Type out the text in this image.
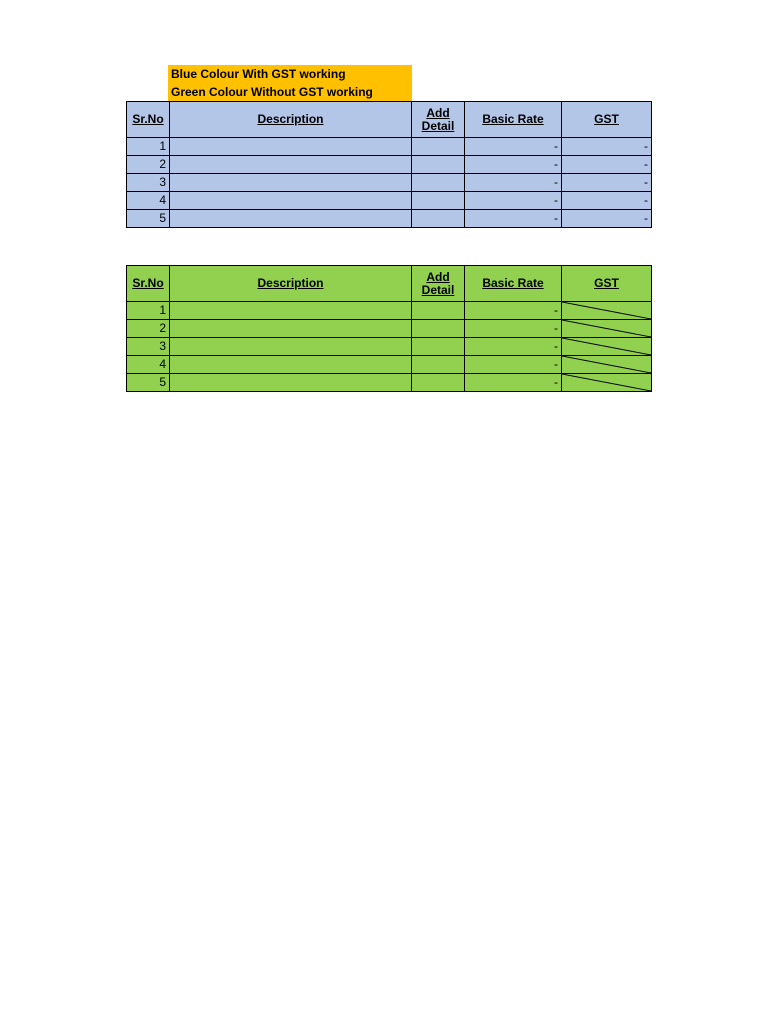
Blue Colour With GST working
Green Colour Without GST working
Sr.No	Description	Add
Detail	Basic Rate	GST
1			-	-
2			-	-
3			-	-
4			-	-
5			-	-
Sr.No	Description	Add
Detail	Basic Rate	GST
1			-	

2			-	

3			-	

4			-	

5			-	
